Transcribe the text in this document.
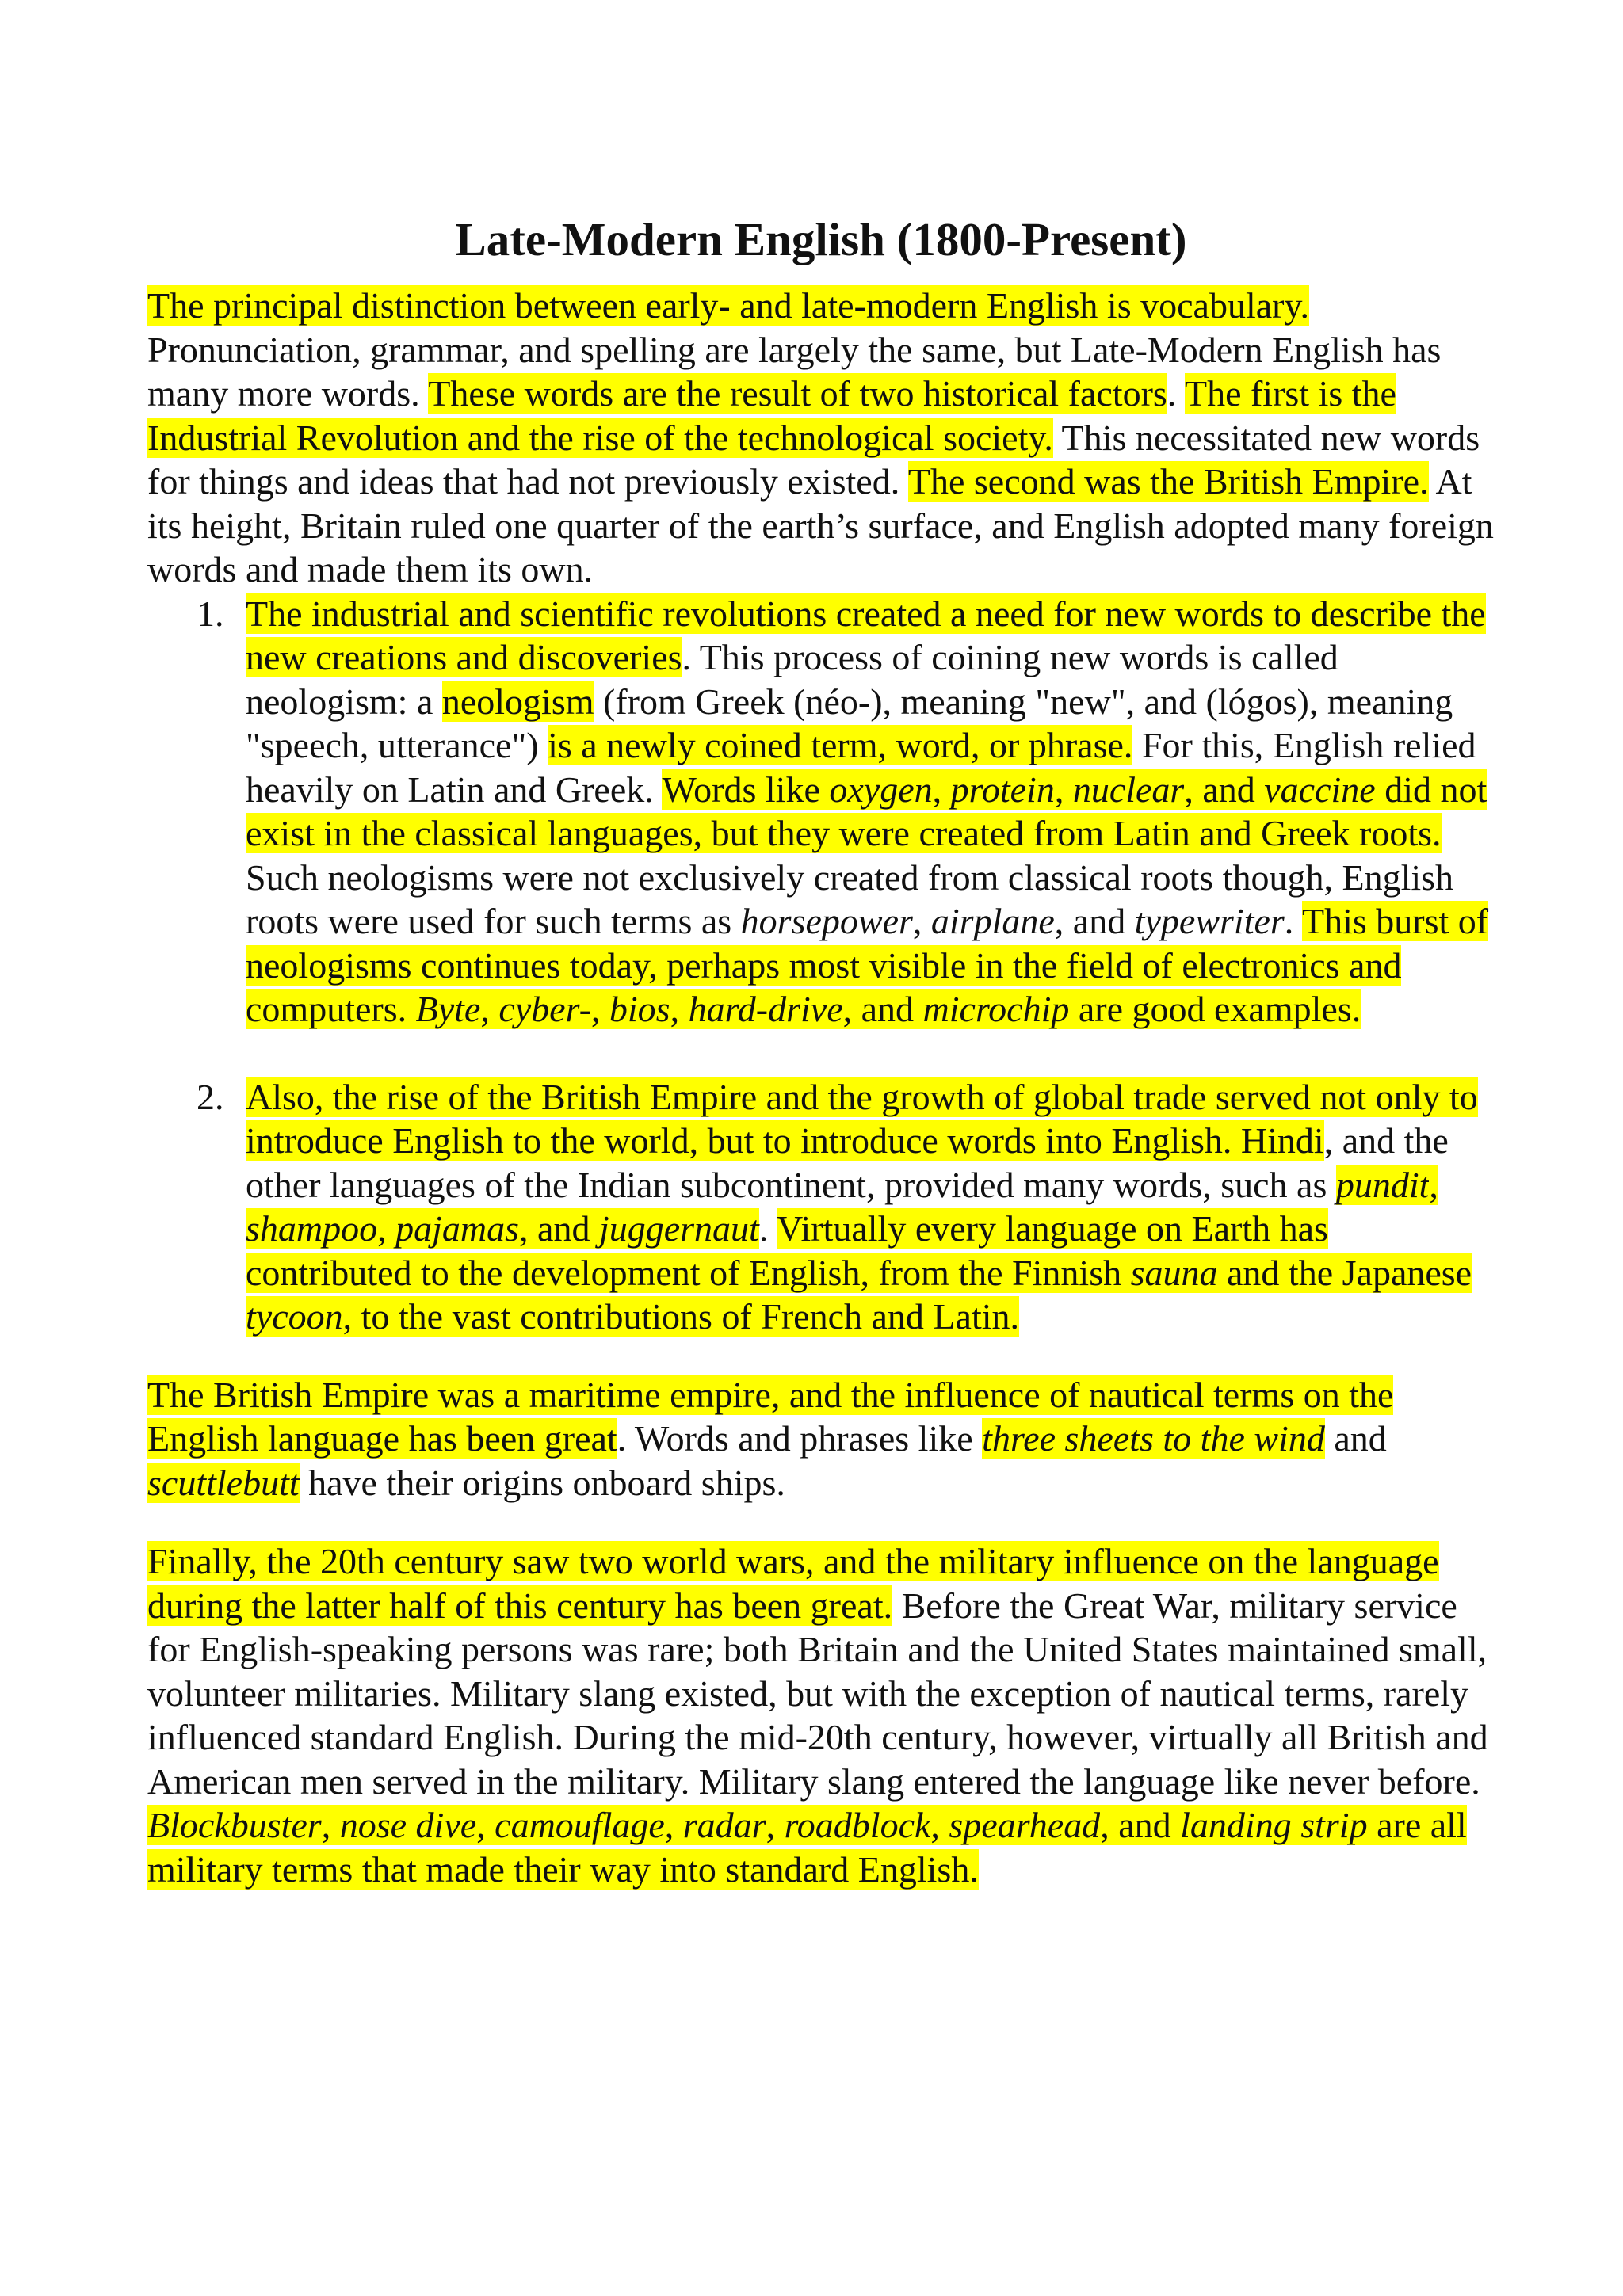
Late-Modern English (1800-Present)

The principal distinction between early- and late-modern English is vocabulary. Pronunciation, grammar, and spelling are largely the same, but Late-Modern English has many more words. These words are the result of two historical factors. The first is the Industrial Revolution and the rise of the technological society. This necessitated new words for things and ideas that had not previously existed. The second was the British Empire. At its height, Britain ruled one quarter of the earth’s surface, and English adopted many foreign words and made them its own.

1. The industrial and scientific revolutions created a need for new words to describe the new creations and discoveries. This process of coining new words is called neologism: a neologism (from Greek (néo-), meaning "new", and (lógos), meaning "speech, utterance") is a newly coined term, word, or phrase. For this, English relied heavily on Latin and Greek. Words like oxygen, protein, nuclear, and vaccine did not exist in the classical languages, but they were created from Latin and Greek roots. Such neologisms were not exclusively created from classical roots though, English roots were used for such terms as horsepower, airplane, and typewriter. This burst of neologisms continues today, perhaps most visible in the field of electronics and computers. Byte, cyber-, bios, hard-drive, and microchip are good examples.
2. Also, the rise of the British Empire and the growth of global trade served not only to introduce English to the world, but to introduce words into English. Hindi, and the other languages of the Indian subcontinent, provided many words, such as pundit, shampoo, pajamas, and juggernaut. Virtually every language on Earth has contributed to the development of English, from the Finnish sauna and the Japanese tycoon, to the vast contributions of French and Latin.

The British Empire was a maritime empire, and the influence of nautical terms on the English language has been great. Words and phrases like three sheets to the wind and scuttlebutt have their origins onboard ships.

Finally, the 20th century saw two world wars, and the military influence on the language during the latter half of this century has been great. Before the Great War, military service for English-speaking persons was rare; both Britain and the United States maintained small, volunteer militaries. Military slang existed, but with the exception of nautical terms, rarely influenced standard English. During the mid-20th century, however, virtually all British and American men served in the military. Military slang entered the language like never before. Blockbuster, nose dive, camouflage, radar, roadblock, spearhead, and landing strip are all military terms that made their way into standard English.
